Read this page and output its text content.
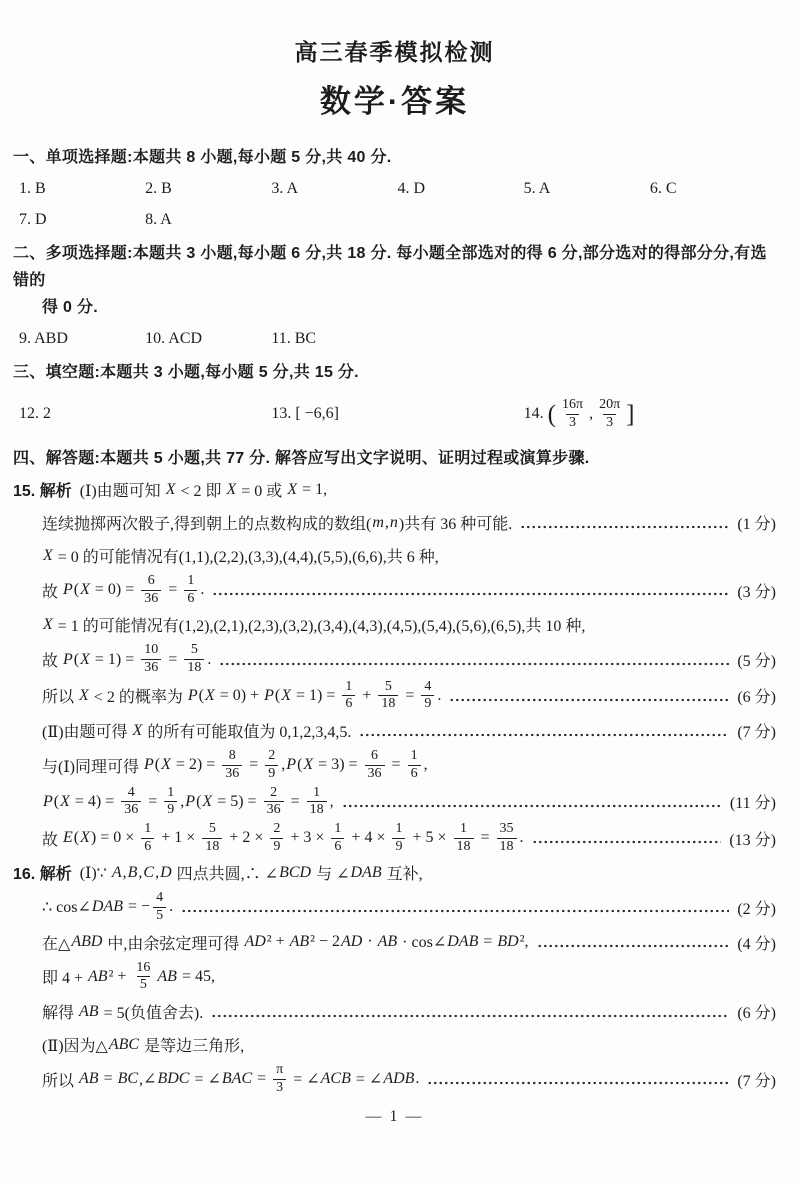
高三春季模拟检测
数学·答案
一、单项选择题:本题共 8 小题,每小题 5 分,共 40 分.
1. B	2. B	3. A	4. D	5. A	6. C
7. D	8. A
二、多项选择题:本题共 3 小题,每小题 6 分,共 18 分. 每小题全部选对的得 6 分,部分选对的得部分分,有选错的
得 0 分.
9. ABD	10. ACD	11. BC
三、填空题:本题共 3 小题,每小题 5 分,共 15 分.
12. 2	13. [ −6,6]	14. ( $\frac{16\pi}{3}$ , $\frac{20\pi}{3}$ ]
四、解答题:本题共 5 小题,共 77 分. 解答应写出文字说明、证明过程或演算步骤.
15. 解析 (Ⅰ)由题可知 X < 2 即 X = 0 或 X = 1,
连续抛掷两次骰子,得到朝上的点数构成的数组( m , n )共有 36 种可能.	(1 分)
X = 0 的可能情况有(1,1),(2,2),(3,3),(4,4),(5,5),(6,6),共 6 种,
故 P ( $X = 0) = \frac{6}{36} = \frac{1}{6}$ .	(3 分)
X = 1 的可能情况有(1,2),(2,1),(2,3),(3,2),(3,4),(4,3),(4,5),(5,4),(5,6),(6,5),共 10 种,
故 P ( $X = 1) = \frac{10}{36} = \frac{5}{18}$ .	(5 分)
所以 X < 2 的概率为 P ( X = 0) + P ( $X = 1) = \frac{1}{6} + \frac{5}{18} = \frac{4}{9}$ .	(6 分)
(Ⅱ)由题可得 X 的所有可能取值为 0,1,2,3,4,5.	(7 分)
与(Ⅰ)同理可得 P ( $X = 2) = \frac{8}{36} = \frac{2}{9}$ , P ( $X = 3) = \frac{6}{36} = \frac{1}{6}$ ,
P ( $X = 4) = \frac{4}{36} = \frac{1}{9}$ , P ( $X = 5) = \frac{2}{36} = \frac{1}{18}$ ,	(11 分)
故 E ( X ) = $0 \times \frac{1}{6} + 1 \times \frac{5}{18} + 2 \times \frac{2}{9} + 3 \times \frac{1}{6} + 4 \times \frac{1}{9} + 5 \times \frac{1}{18} = \frac{35}{18}$ .	(13 分)
16. 解析 (Ⅰ)∵ A , B , C , D 四点共圆,∴ ∠ BCD 与 ∠ DAB 互补,
∴ cos∠ DAB = − $\frac{4}{5}$ .	(2 分)
在△ ABD 中,由余弦定理可得 AD ² + AB ² − 2 AD · AB · cos∠ DAB = BD ²,	(4 分)
即 4 + AB $^2 + \frac{16}{5}$ AB = 45,
解得 AB = 5(负值舍去).	(6 分)
(Ⅱ)因为△ ABC 是等边三角形,
所以 AB = BC ,∠ BDC = ∠ BAC = $\frac{\pi}{3}$ = ∠ ACB = ∠ ADB .	(7 分)
— 1 —
